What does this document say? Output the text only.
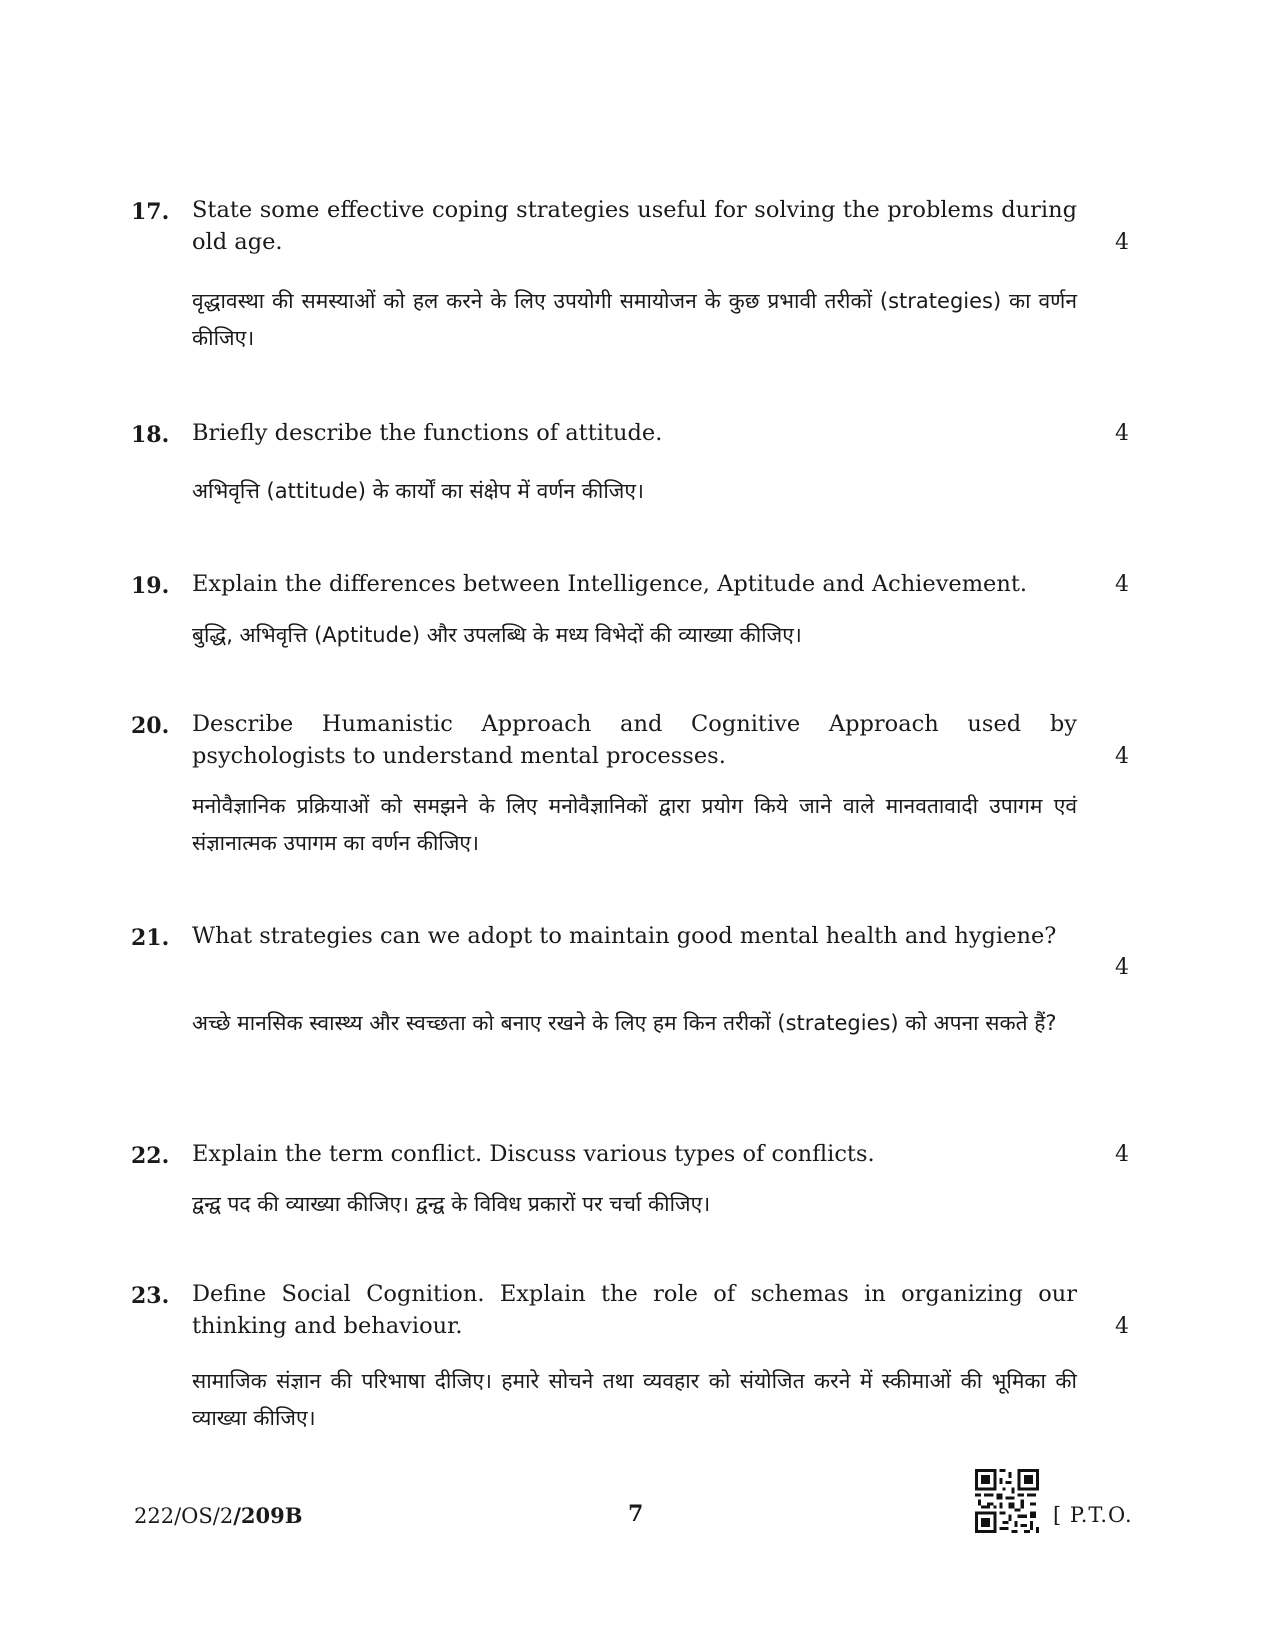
17. State some effective coping strategies useful for solving the problems during old age.	4
वृद्धावस्था की समस्याओं को हल करने के लिए उपयोगी समायोजन के कुछ प्रभावी तरीकों (strategies) का वर्णन कीजिए।
18. Briefly describe the functions of attitude.	4
अभिवृत्ति (attitude) के कार्यों का संक्षेप में वर्णन कीजिए।
19. Explain the differences between Intelligence, Aptitude and Achievement.	4
बुद्धि, अभिवृत्ति (Aptitude) और उपलब्धि के मध्य विभेदों की व्याख्या कीजिए।
20. Describe Humanistic Approach and Cognitive Approach used by psychologists to understand mental processes.	4
मनोवैज्ञानिक प्रक्रियाओं को समझने के लिए मनोवैज्ञानिकों द्वारा प्रयोग किये जाने वाले मानवतावादी उपागम एवं संज्ञानात्मक उपागम का वर्णन कीजिए।
21. What strategies can we adopt to maintain good mental health and hygiene?
4
अच्छे मानसिक स्वास्थ्य और स्वच्छता को बनाए रखने के लिए हम किन तरीकों (strategies) को अपना सकते हैं?
22. Explain the term conflict. Discuss various types of conflicts.	4
द्वन्द्व पद की व्याख्या कीजिए। द्वन्द्व के विविध प्रकारों पर चर्चा कीजिए।
23. Define Social Cognition. Explain the role of schemas in organizing our thinking and behaviour.	4
सामाजिक संज्ञान की परिभाषा दीजिए। हमारे सोचने तथा व्यवहार को संयोजित करने में स्कीमाओं की भूमिका की व्याख्या कीजिए।
222/OS/2/209B	7	[ P.T.O.
